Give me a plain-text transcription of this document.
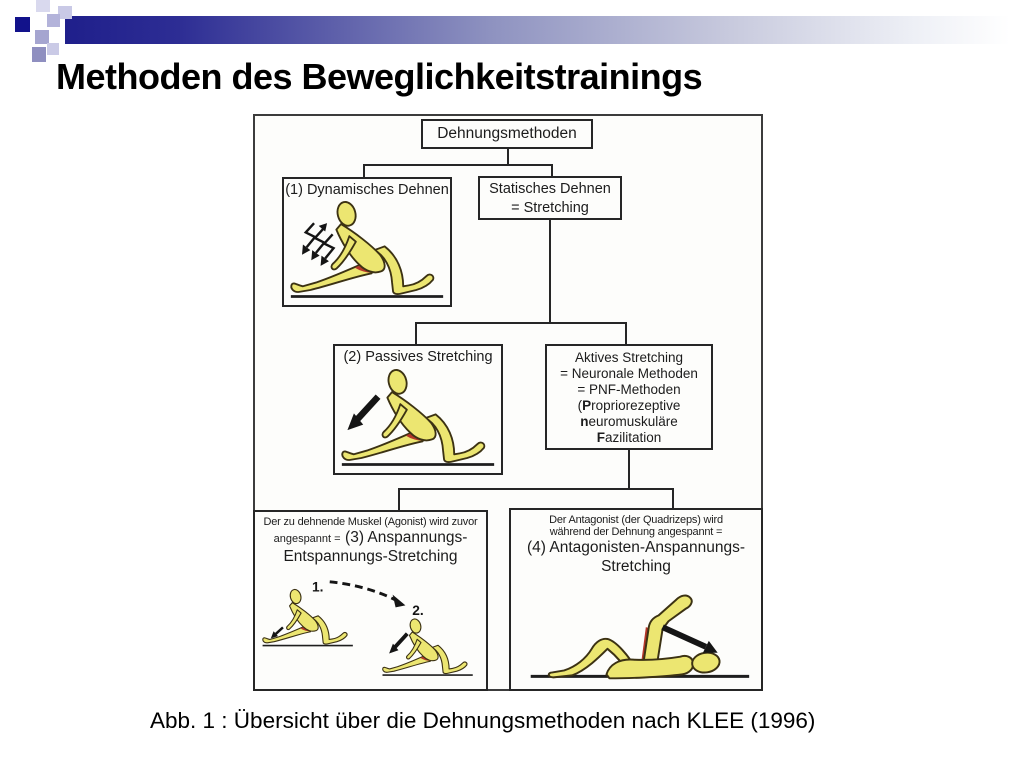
Methoden des Beweglichkeitstrainings
Dehnungsmethoden
(1) Dynamisches Dehnen	Statisches Dehnen
= Stretching
(2) Passives Stretching	Aktives Stretching
= Neuronale Methoden
= PNF-Methoden
(Propriorezeptive
neuromuskuläre
Fazilitation
Der zu dehnende Muskel (Agonist) wird zuvor
angespannt = (3) Anspannungs-
Entspannungs-Stretching
1.
2.
Der Antagonist (der Quadrizeps) wird
während der Dehnung angespannt =
(4) Antagonisten-Anspannungs-
Stretching
Abb. 1 : Übersicht über die Dehnungsmethoden nach KLEE (1996)
